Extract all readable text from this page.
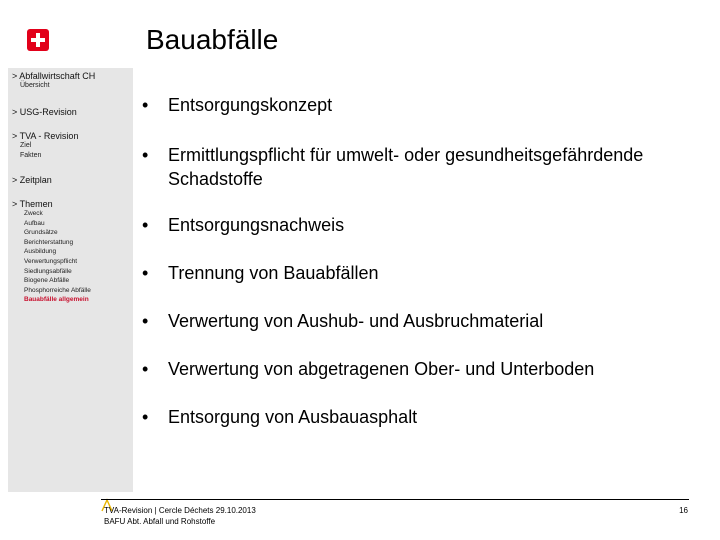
Bauabfälle
> Abfallwirtschaft CH
Übersicht
> USG-Revision
> TVA - Revision
Ziel
Fakten
> Zeitplan
> Themen
Zweck
Aufbau
Grundsätze
Berichterstattung
Ausbildung
Verwertungspflicht
Siedlungsabfälle
Biogene Abfälle
Phosphorreiche Abfälle
Bauabfälle allgemein
• Entsorgungskonzept
• Ermittlungspflicht für umwelt- oder gesundheitsgefährdende
Schadstoffe
• Entsorgungsnachweis
• Trennung von Bauabfällen
• Verwertung von Aushub- und Ausbruchmaterial
• Verwertung von abgetragenen Ober- und Unterboden
• Entsorgung von Ausbauasphalt
TVA-Revision | Cercle Déchets 29.10.2013
BAFU Abt. Abfall und Rohstoffe
16
